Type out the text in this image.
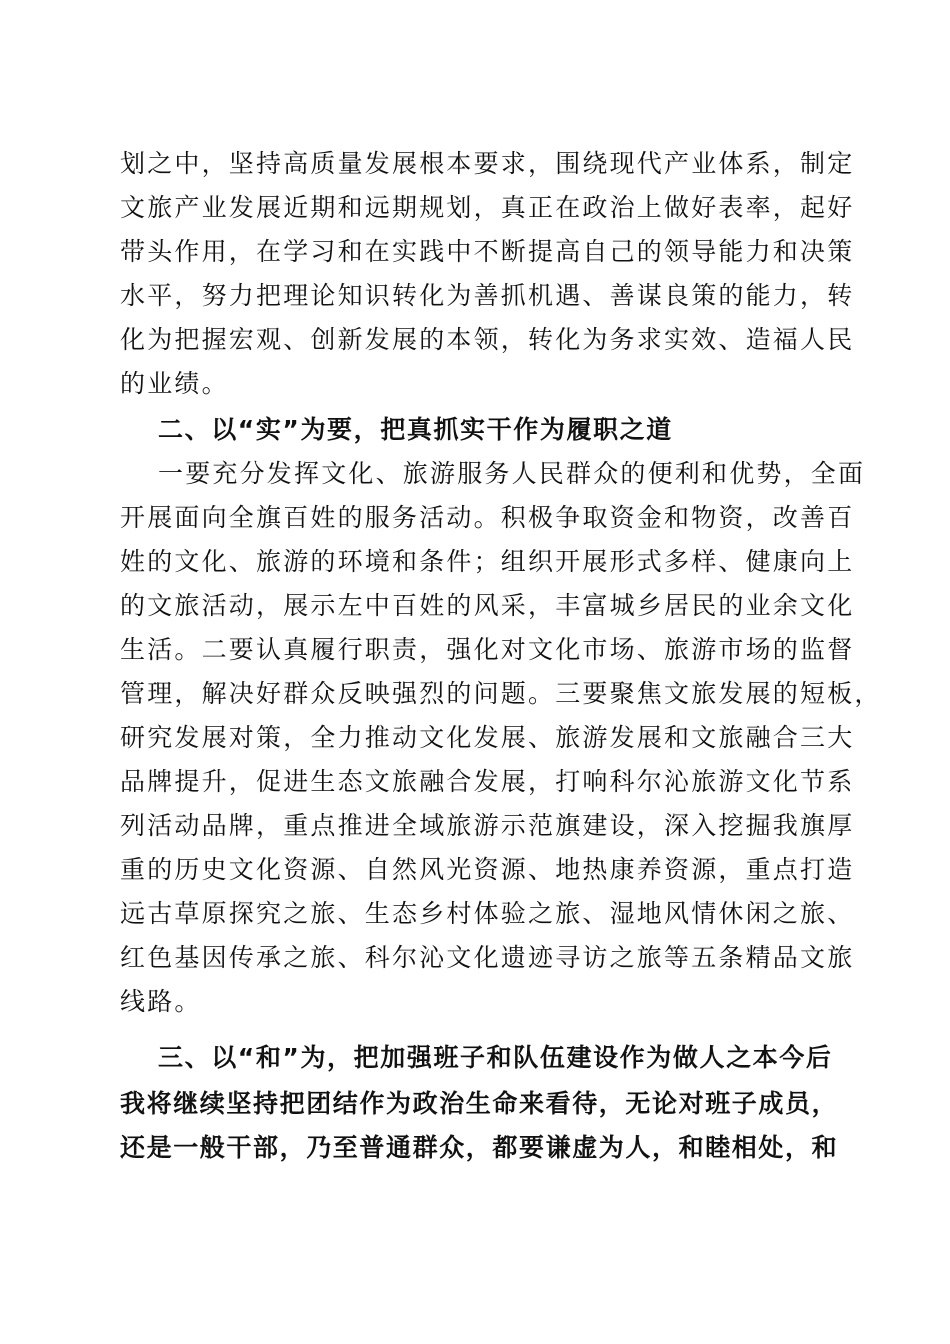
划之中，坚持高质量发展根本要求，围绕现代产业体系，制定
文旅产业发展近期和远期规划，真正在政治上做好表率，起好
带头作用，在学习和在实践中不断提高自己的领导能力和决策
水平，努力把理论知识转化为善抓机遇、善谋良策的能力，转
化为把握宏观、创新发展的本领，转化为务求实效、造福人民
的业绩。
二、以“实”为要，把真抓实干作为履职之道
一要充分发挥文化、旅游服务人民群众的便利和优势，全面
开展面向全旗百姓的服务活动。积极争取资金和物资，改善百
姓的文化、旅游的环境和条件；组织开展形式多样、健康向上
的文旅活动，展示左中百姓的风采，丰富城乡居民的业余文化
生活。二要认真履行职责，强化对文化市场、旅游市场的监督
管理，解决好群众反映强烈的问题。三要聚焦文旅发展的短板，
研究发展对策，全力推动文化发展、旅游发展和文旅融合三大
品牌提升，促进生态文旅融合发展，打响科尔沁旅游文化节系
列活动品牌，重点推进全域旅游示范旗建设，深入挖掘我旗厚
重的历史文化资源、自然风光资源、地热康养资源，重点打造
远古草原探究之旅、生态乡村体验之旅、湿地风情休闲之旅、
红色基因传承之旅、科尔沁文化遗迹寻访之旅等五条精品文旅
线路。
三、以“和”为，把加强班子和队伍建设作为做人之本今后
我将继续坚持把团结作为政治生命来看待，无论对班子成员，
还是一般干部，乃至普通群众，都要谦虚为人，和睦相处，和
